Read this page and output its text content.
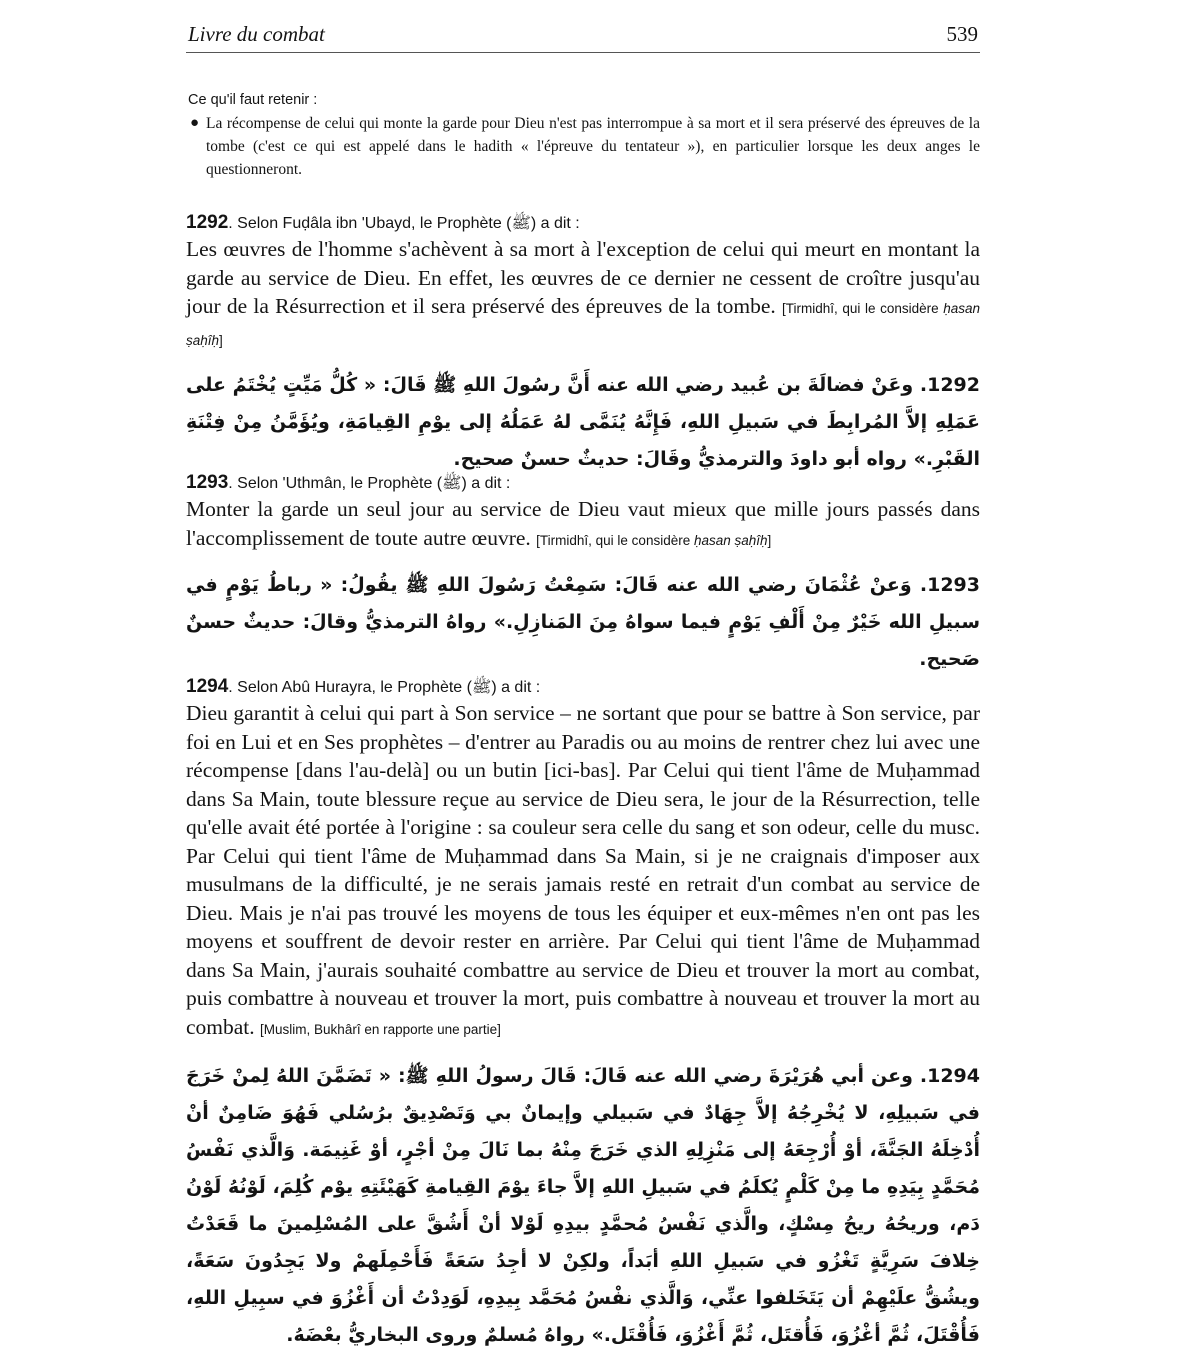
Livre du combat	539
Ce qu'il faut retenir :
● La récompense de celui qui monte la garde pour Dieu n'est pas interrompue à sa mort et il sera préservé des épreuves de la tombe (c'est ce qui est appelé dans le hadith « l'épreuve du tentateur »), en particulier lorsque les deux anges le questionneront.
1292. Selon Fuḍâla ibn 'Ubayd, le Prophète (ﷺ) a dit :
Les œuvres de l'homme s'achèvent à sa mort à l'exception de celui qui meurt en montant la garde au service de Dieu. En effet, les œuvres de ce dernier ne cessent de croître jusqu'au jour de la Résurrection et il sera préservé des épreuves de la tombe. [Tirmidhî, qui le considère ḥasan ṣaḥîḥ]
1292. وعَنْ فضالَةَ بن عُبيد رضي الله عنه أَنَّ رسُولَ اللهِ ﷺ قَالَ: « كُلُّ مَيِّتٍ يُخْتَمُ على عَمَلِهِ إلاَّ المُرابِطَ في سَبيلِ اللهِ، فَإِنَّهُ يُنَمَّى لهُ عَمَلُهُ إلى يوْمِ القِيامَةِ، ويُؤَمَّنُ مِنْ فِتْنَةِ القَبْرِ.» رواه أبو داودَ والترمذيُّ وقَالَ: حديثٌ حسنٌ صحيح.
1293. Selon 'Uthmân, le Prophète (ﷺ) a dit :
Monter la garde un seul jour au service de Dieu vaut mieux que mille jours passés dans l'accomplissement de toute autre œuvre. [Tirmidhî, qui le considère ḥasan ṣaḥîḥ]
1293. وَعنْ عُثْمَانَ رضي الله عنه قَالَ: سَمِعْتُ رَسُولَ اللهِ ﷺ يقُولُ: « رباطُ يَوْمٍ في سبيلِ الله خَيْرٌ مِنْ أَلْفِ يَوْمٍ فيما سواهُ مِنَ المَنازِلِ.» رواهُ الترمذيُّ وقالَ: حديثٌ حسنٌ صَحيح.
1294. Selon Abû Hurayra, le Prophète (ﷺ) a dit :
Dieu garantit à celui qui part à Son service – ne sortant que pour se battre à Son service, par foi en Lui et en Ses prophètes – d'entrer au Paradis ou au moins de rentrer chez lui avec une récompense [dans l'au-delà] ou un butin [ici-bas]. Par Celui qui tient l'âme de Muḥammad dans Sa Main, toute blessure reçue au service de Dieu sera, le jour de la Résurrection, telle qu'elle avait été portée à l'origine : sa couleur sera celle du sang et son odeur, celle du musc. Par Celui qui tient l'âme de Muḥammad dans Sa Main, si je ne craignais d'imposer aux musulmans de la difficulté, je ne serais jamais resté en retrait d'un combat au service de Dieu. Mais je n'ai pas trouvé les moyens de tous les équiper et eux-mêmes n'en ont pas les moyens et souffrent de devoir rester en arrière. Par Celui qui tient l'âme de Muḥammad dans Sa Main, j'aurais souhaité combattre au service de Dieu et trouver la mort au combat, puis combattre à nouveau et trouver la mort, puis combattre à nouveau et trouver la mort au combat. [Muslim, Bukhârî en rapporte une partie]
1294. وعن أبي هُرَيْرَةَ رضي الله عنه قَالَ: قَالَ رسولُ اللهِ ﷺ: « تَضَمَّنَ اللهُ لِمنْ خَرَجَ في سَبيلِهِ، لا يُخْرِجُهُ إلاَّ جِهَادٌ في سَبيلي وإيمانٌ بي وَتَصْدِيقٌ برُسُلي فَهُوَ ضَامِنٌ أنْ أُدْخِلَهُ الجَنَّةَ، أوْ أُرْجِعَهُ إلى مَنْزِلِهِ الذي خَرَجَ مِنْهُ بما نَالَ مِنْ أجْرٍ، أوْ غَنِيمَة. وَالَّذي نَفْسُ مُحَمَّدٍ بِيَدِهِ ما مِنْ كَلْمٍ يُكلَمُ في سَبيلِ اللهِ إلاَّ جاءَ يوْمَ القِيامةِ كَهَيْئَتِهِ يوْم كُلِمَ، لَوْنُهُ لَوْنُ دَم، وريحُهُ ريحُ مِسْكٍ، والَّذي نَفْسُ مُحمَّدٍ بيدِهِ لَوْلا أنْ أَشُقَّ على المُسْلِمينَ ما قَعَدْتُ خِلافَ سَرِيَّةٍ تَغْزُو في سَبيلِ اللهِ أبَداً، ولكِنْ لا أجِدُ سَعَةً فَأَحْمِلَهمْ ولا يَجِدُونَ سَعَةً، ويشُقُّ علَيْهِمْ أن يَتَخَلفوا عنِّي، وَالَّذي نفْسُ مُحَمَّد بِيدِهِ، لَوَدِدْتُ أن أَغْزُوَ في سبِيلِ اللهِ، فَأُقْتَلَ، ثُمَّ أغْزُوَ، فَأُقتَل، ثُمَّ أَغْزُوَ، فَأُقْتَل.» رواهُ مُسلمٌ وروى البخاريُّ بعْضَهُ.
